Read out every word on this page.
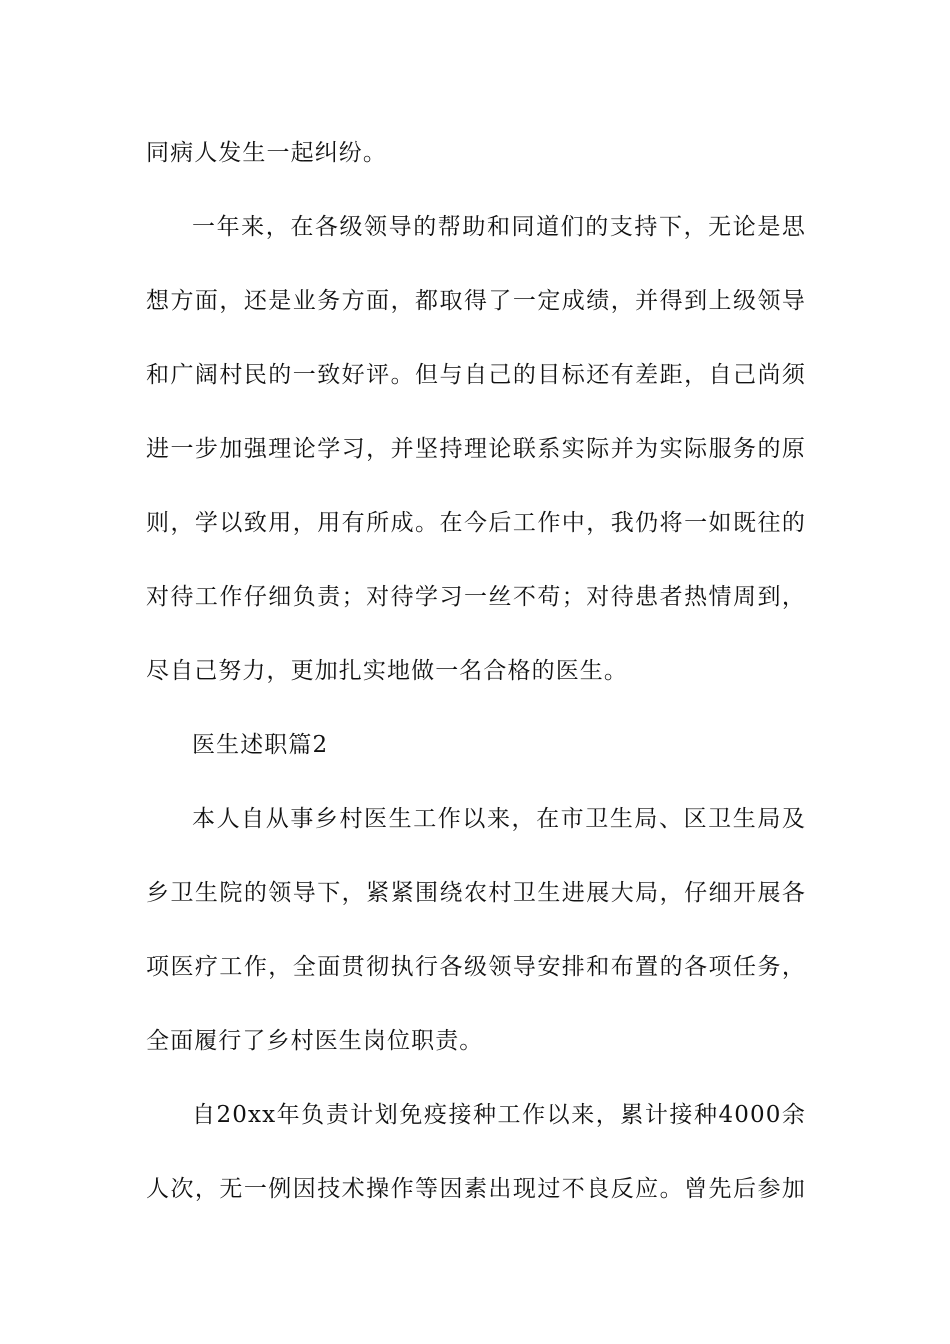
同病人发生一起纠纷。
一年来，在各级领导的帮助和同道们的支持下，无论是思
想方面，还是业务方面，都取得了一定成绩，并得到上级领导
和广阔村民的一致好评。但与自己的目标还有差距，自己尚须
进一步加强理论学习，并坚持理论联系实际并为实际服务的原
则，学以致用，用有所成。在今后工作中，我仍将一如既往的
对待工作仔细负责；对待学习一丝不苟；对待患者热情周到，
尽自己努力，更加扎实地做一名合格的医生。
医生述职篇2
本人自从事乡村医生工作以来，在市卫生局、区卫生局及
乡卫生院的领导下，紧紧围绕农村卫生进展大局，仔细开展各
项医疗工作，全面贯彻执行各级领导安排和布置的各项任务，
全面履行了乡村医生岗位职责。
自20xx年负责计划免疫接种工作以来，累计接种4000余
人次，无一例因技术操作等因素出现过不良反应。曾先后参加
